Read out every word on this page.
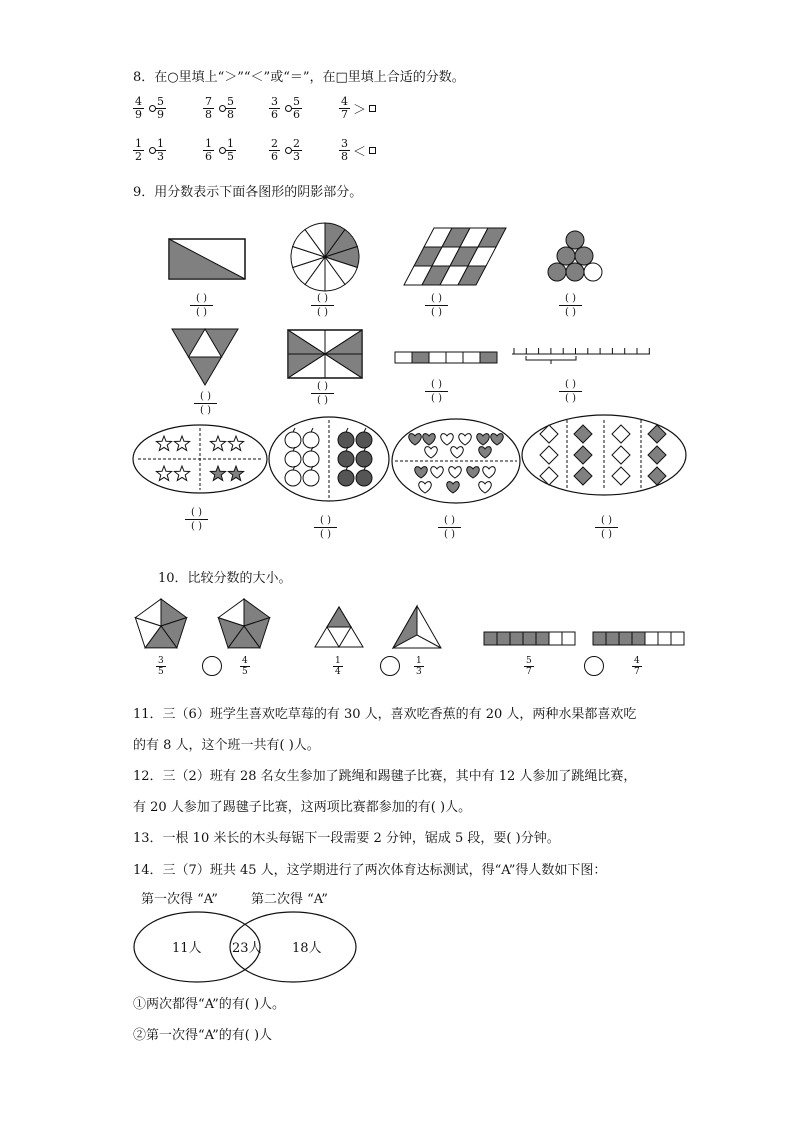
8．在○里填上“＞”“＜”或“＝”，在□里填上合适的分数。
$\frac{4}{9} \frac{5}{9}$	$\frac{7}{8} \frac{5}{8}$	$\frac{3}{6} \frac{5}{6}$	$\frac{4}{7}$ ＞
$\frac{1}{2} \frac{1}{3}$	$\frac{1}{6} \frac{1}{5}$	$\frac{2}{6} \frac{2}{3}$	$\frac{3}{8}$ ＜
9．用分数表示下面各图形的阴影部分。
( )
( )
( )
( )
( )
( )
( )
( )
( )
( )
( )
( )
( )
( )
( )
( )
( )
( )
( )
( )
( )
( )
( )
( )
10．比较分数的大小。
$\frac{3}{5}$	$\frac{4}{5}$	$\frac{1}{4}$	$\frac{1}{3}$	$\frac{5}{7}$	$\frac{4}{7}$
11．三（6）班学生喜欢吃草莓的有 30 人，喜欢吃香蕉的有 20 人，两种水果都喜欢吃
的有 8 人，这个班一共有( )人。
12．三（2）班有 28 名女生参加了跳绳和踢毽子比赛，其中有 12 人参加了跳绳比赛，
有 20 人参加了踢毽子比赛，这两项比赛都参加的有( )人。
13．一根 10 米长的木头每锯下一段需要 2 分钟，锯成 5 段，要( )分钟。
14．三（7）班共 45 人，这学期进行了两次体育达标测试，得“A”得人数如下图：
第一次得 “A”	第二次得 “A”
11人 23人 18人
①两次都得“A”的有( )人。
②第一次得“A”的有( )人
